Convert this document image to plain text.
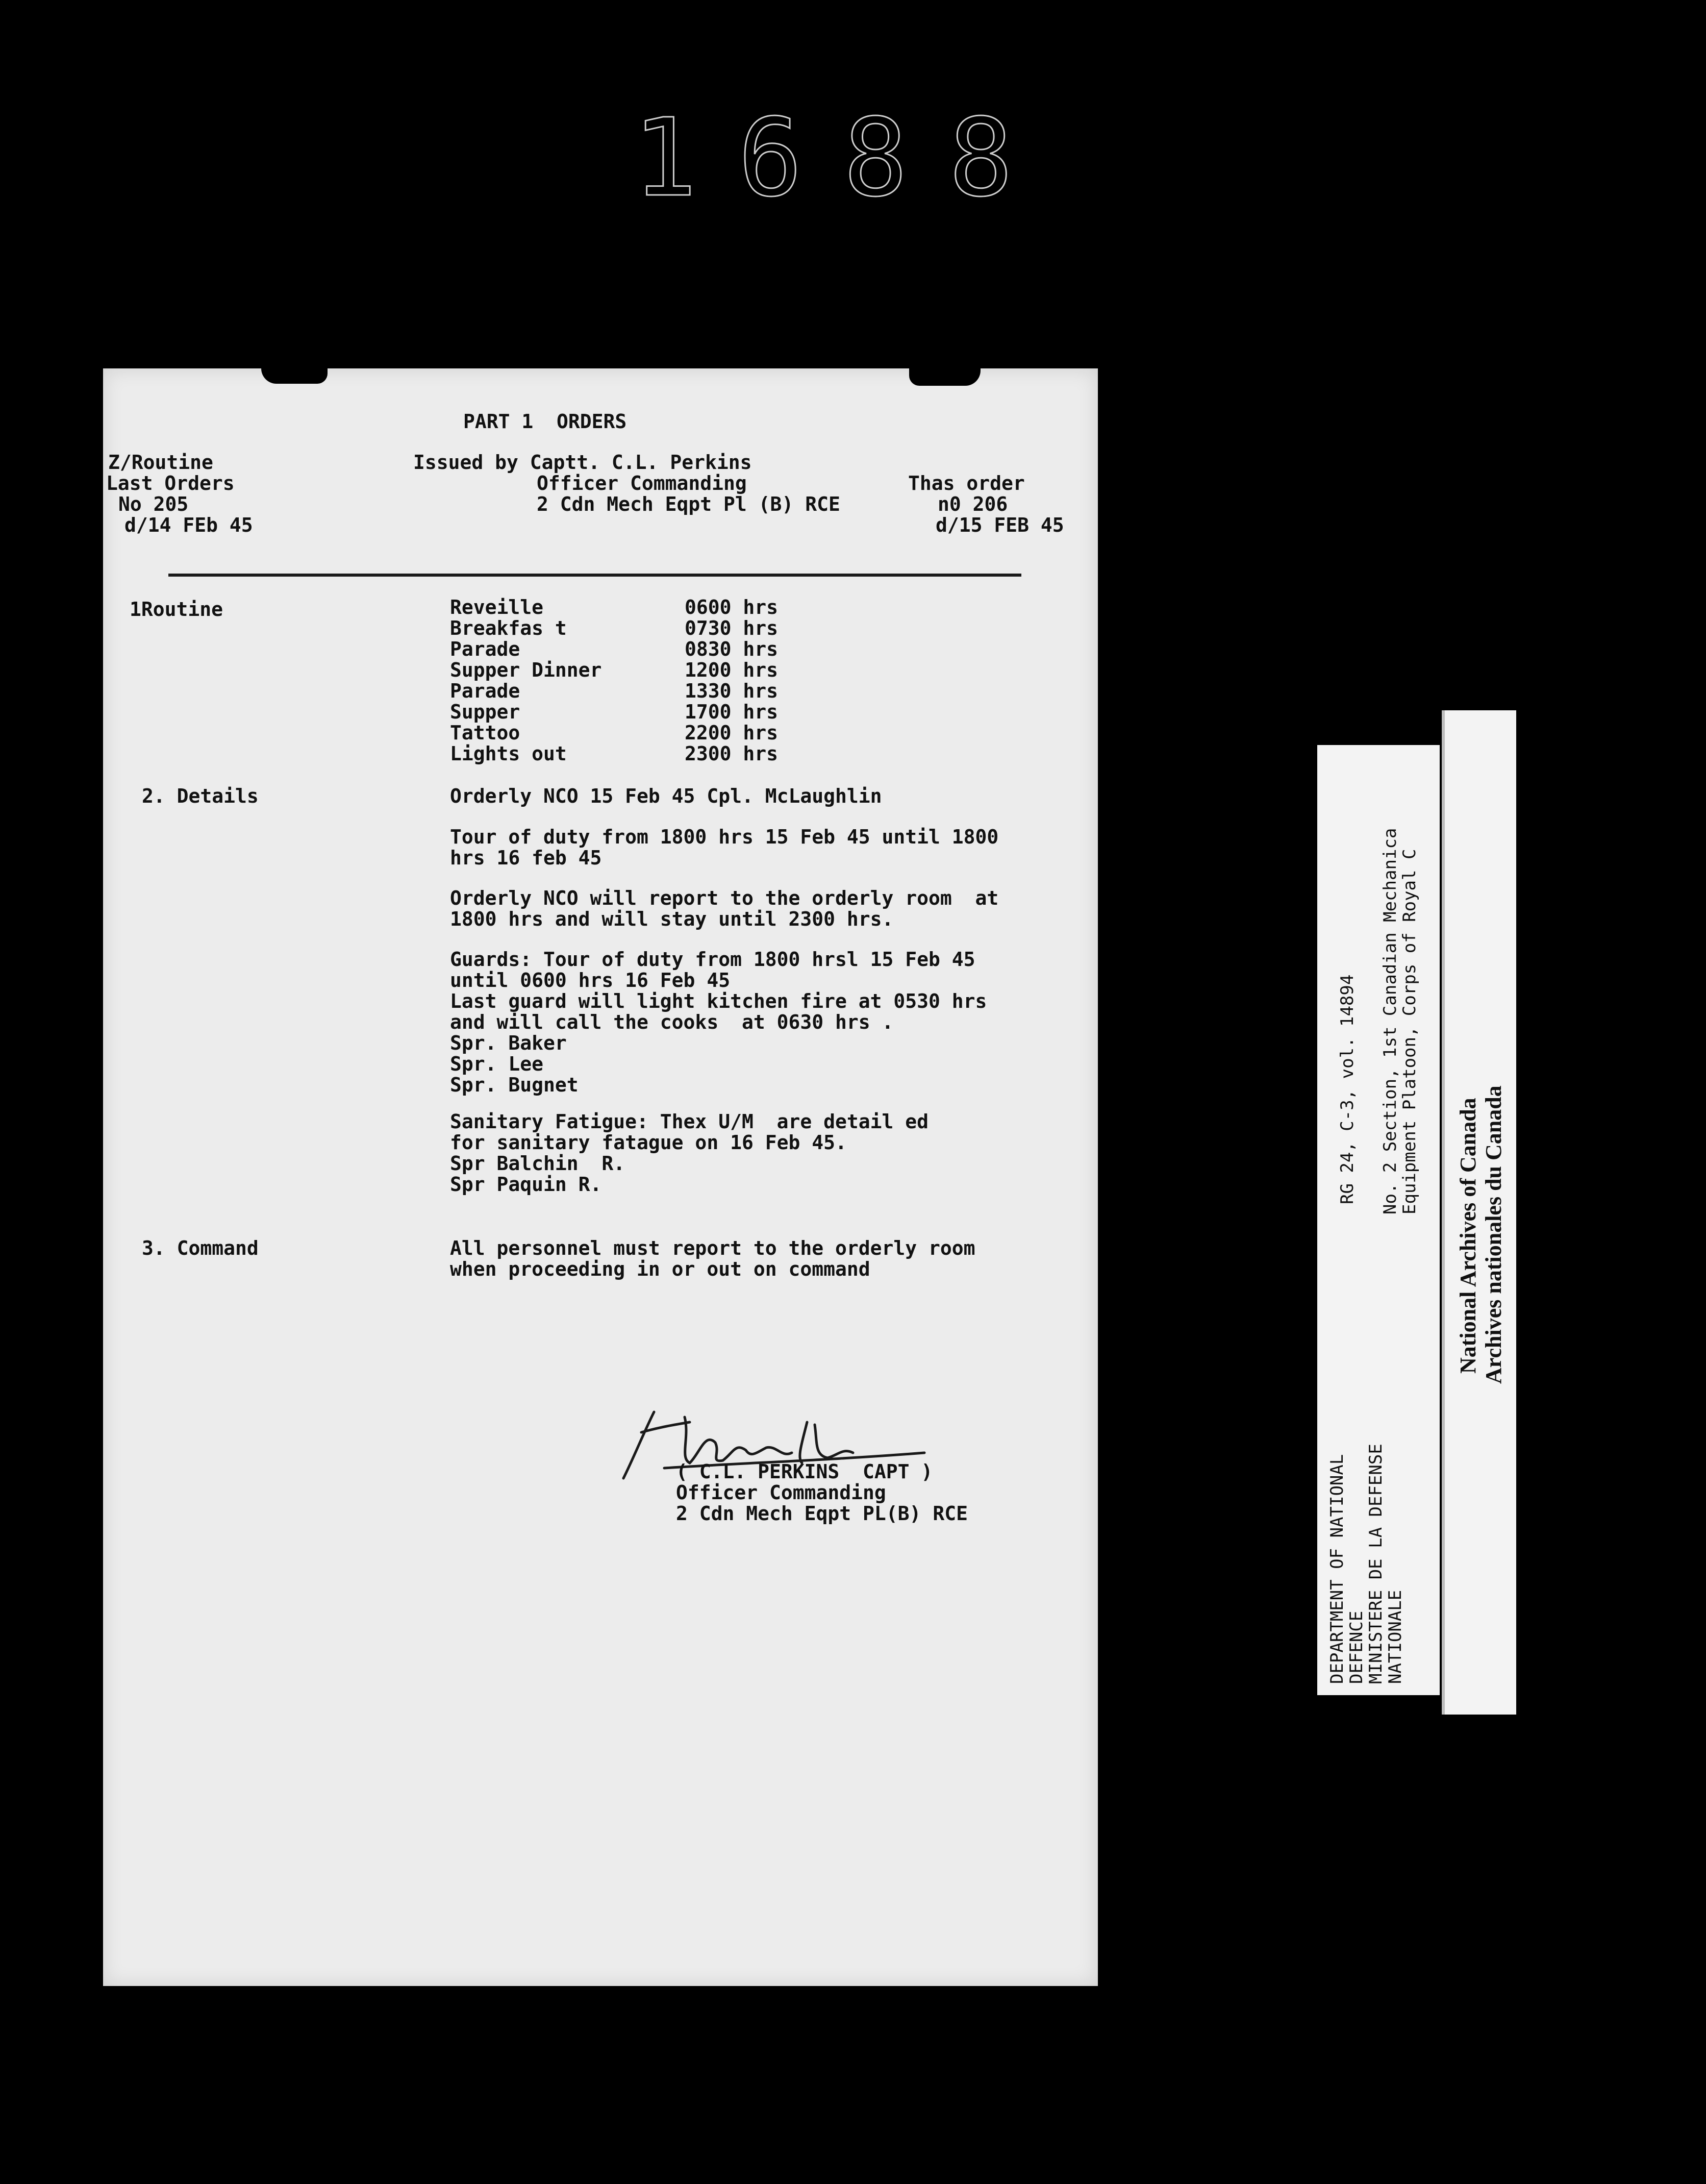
1688
PART 1  ORDERS
Z/Routine
Last Orders
No 205
d/14 FEb 45
Issued by Captt. C.L. Perkins
Officer Commanding
2 Cdn Mech Eqpt Pl (B) RCE
Thas order
n0 206
d/15 FEB 45
1Routine	Reveille	0600 hrs
Breakfas t	0730 hrs
Parade	0830 hrs
Supper Dinner	1200 hrs
Parade	1330 hrs
Supper	1700 hrs
Tattoo	2200 hrs
Lights out	2300 hrs
2. Details	Orderly NCO 15 Feb 45 Cpl. McLaughlin
Tour of duty from 1800 hrs 15 Feb 45 until 1800
hrs 16 feb 45
Orderly NCO will report to the orderly room  at
1800 hrs and will stay until 2300 hrs.
Guards: Tour of duty from 1800 hrsl 15 Feb 45
until 0600 hrs 16 Feb 45
Last guard will light kitchen fire at 0530 hrs
and will call the cooks  at 0630 hrs .
Spr. Baker
Spr. Lee
Spr. Bugnet
Sanitary Fatigue: Thex U/M  are detail ed
for sanitary fatague on 16 Feb 45.
Spr Balchin  R.
Spr Paquin R.
3. Command	All personnel must report to the orderly room
when proceeding in or out on command
( C.L. PERKINS  CAPT )
Officer Commanding
2 Cdn Mech Eqpt PL(B) RCE	DEPARTMENT OF NATIONAL
DEFENCE
MINISTERE DE LA DEFENSE
NATIONALE
RG 24, C-3, vol. 14894 No. 2 Section, 1st Canadian Mechanica
Equipment Platoon, Corps of Royal C
National Archives of Canada Archives nationales du Canada
